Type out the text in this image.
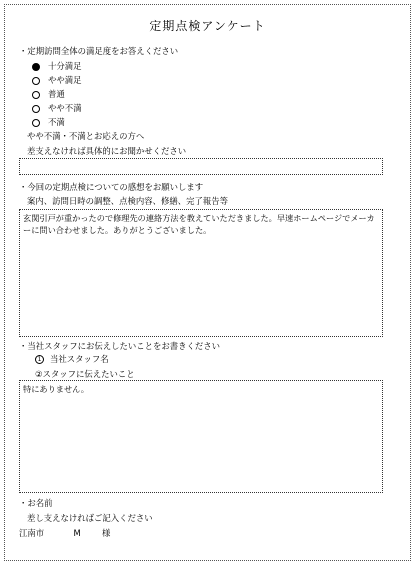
定期点検アンケート
・定期訪問全体の満足度をお答えください
十分満足
やや満足
普通
やや不満
不満
やや不満・不満とお応えの方へ
差支えなければ具体的にお聞かせください
・今回の定期点検についての感想をお願いします
案内、訪問日時の調整、点検内容、修繕、完了報告等
玄関引戸が重かったので修理先の連絡方法を教えていただきました。早速ホームページでメーカーに問い合わせました。ありがとうございました。
・当社スタッフにお伝えしたいことをお書きください
1	当社スタッフ名
②スタッフに伝えたいこと
特にありません。
・お名前
差し支えなければご記入ください
江南市	M	様
